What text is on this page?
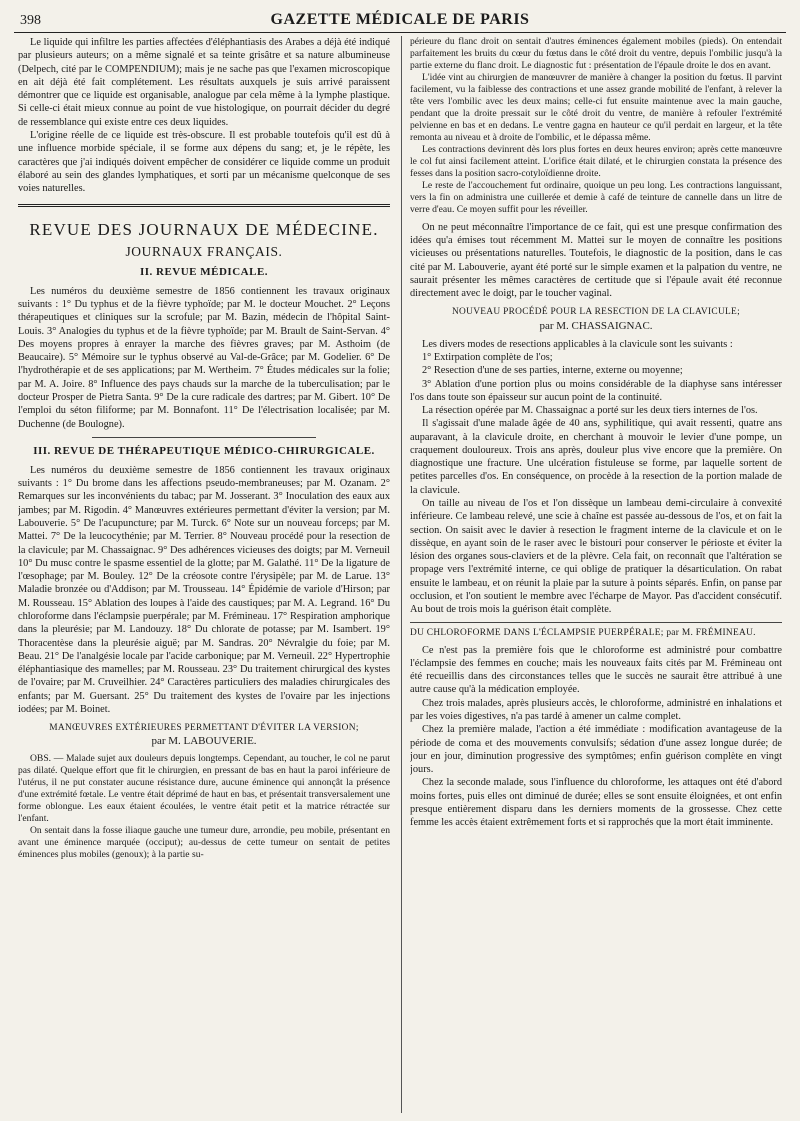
398	GAZETTE MÉDICALE DE PARIS

Le liquide qui infiltre les parties affectées d'éléphantiasis des Arabes a déjà été indiqué par plusieurs auteurs; on a même signalé et sa teinte grisâtre et sa nature albumineuse (Delpech, cité par le COMPENDIUM); mais je ne sache pas que l'examen microscopique en ait déjà été fait complétement. Les résultats auxquels je suis arrivé paraissent démontrer que ce liquide est organisable, analogue par cela même à la lymphe plastique. Si celle-ci était mieux connue au point de vue histologique, on pourrait décider du degré de ressemblance qui existe entre ces deux liquides.

L'origine réelle de ce liquide est très-obscure. Il est probable toutefois qu'il est dû à une influence morbide spéciale, il se forme aux dépens du sang; et, je le répète, les caractères que j'ai indiqués doivent empêcher de considérer ce liquide comme un produit élaboré au sein des glandes lymphatiques, et sorti par un mécanisme quelconque de ses voies naturelles.

REVUE DES JOURNAUX DE MÉDECINE.

JOURNAUX FRANÇAIS.

II. REVUE MÉDICALE.

Les numéros du deuxième semestre de 1856 contiennent les travaux originaux suivants : 1° Du typhus et de la fièvre typhoïde; par M. le docteur Mouchet. 2° Leçons thérapeutiques et cliniques sur la scrofule; par M. Bazin, médecin de l'hôpital Saint-Louis. 3° Analogies du typhus et de la fièvre typhoïde; par M. Brault de Saint-Servan. 4° Des moyens propres à enrayer la marche des fièvres graves; par M. Asthoim (de Beaucaire). 5° Mémoire sur le typhus observé au Val-de-Grâce; par M. Godelier. 6° De l'hydrothérapie et de ses applications; par M. Wertheim. 7° Études médicales sur la folie; par M. A. Joire. 8° Influence des pays chauds sur la marche de la tuberculisation; par le docteur Prosper de Pietra Santa. 9° De la cure radicale des dartres; par M. Gibert. 10° De l'emploi du séton filiforme; par M. Bonnafont. 11° De l'électrisation localisée; par M. Duchenne (de Boulogne).

III. REVUE DE THÉRAPEUTIQUE MÉDICO-CHIRURGICALE.

Les numéros du deuxième semestre de 1856 contiennent les travaux originaux suivants : 1° Du brome dans les affections pseudo-membraneuses; par M. Ozanam. 2° Remarques sur les inconvénients du tabac; par M. Josserant. 3° Inoculation des eaux aux jambes; par M. Rigodin. 4° Manœuvres extérieures permettant d'éviter la version; par M. Labouverie. 5° De l'acupuncture; par M. Turck. 6° Note sur un nouveau forceps; par M. Mattei. 7° De la leucocythénie; par M. Terrier. 8° Nouveau procédé pour la resection de la clavicule; par M. Chassaignac. 9° Des adhérences vicieuses des doigts; par M. Verneuil 10° Du musc contre le spasme essentiel de la glotte; par M. Galathé. 11° De la ligature de l'œsophage; par M. Bouley. 12° De la créosote contre l'érysipèle; par M. de Larue. 13° Maladie bronzée ou d'Addison; par M. Trousseau. 14° Épidémie de variole d'Hirson; par M. Rousseau. 15° Ablation des loupes à l'aide des caustiques; par M. A. Legrand. 16° Du chloroforme dans l'éclampsie puerpérale; par M. Frémineau. 17° Respiration amphorique dans la pleurésie; par M. Landouzy. 18° Du chlorate de potasse; par M. Isambert. 19° Thoracentèse dans la pleurésie aiguë; par M. Sandras. 20° Névralgie du foie; par M. Beau. 21° De l'analgésie locale par l'acide carbonique; par M. Verneuil. 22° Hypertrophie éléphantiasique des mamelles; par M. Rousseau. 23° Du traitement chirurgical des kystes de l'ovaire; par M. Cruveilhier. 24° Caractères particuliers des maladies chirurgicales des enfants; par M. Guersant. 25° Du traitement des kystes de l'ovaire par les injections iodées; par M. Boinet.

MANŒUVRES EXTÉRIEURES PERMETTANT D'ÉVITER LA VERSION;
par M. LABOUVERIE.

OBS. — Malade sujet aux douleurs depuis longtemps. Cependant, au toucher, le col ne parut pas dilaté. Quelque effort que fit le chirurgien, en pressant de bas en haut la paroi inférieure de l'utérus, il ne put constater aucune résistance dure, aucune éminence qui annonçât la présence d'une extrémité fœtale. Le ventre était déprimé de haut en bas, et présentait transversalement une forme oblongue. Les eaux étaient écoulées, le ventre était petit et la matrice rétractée sur l'enfant.

On sentait dans la fosse iliaque gauche une tumeur dure, arrondie, peu mobile, présentant en avant une éminence marquée (occiput); au-dessus de cette tumeur on sentait de petites éminences plus mobiles (genoux); à la partie su-

périeure du flanc droit on sentait d'autres éminences également mobiles (pieds). On entendait parfaitement les bruits du cœur du fœtus dans le côté droit du ventre, depuis l'ombilic jusqu'à la partie externe du flanc droit. Le diagnostic fut : présentation de l'épaule droite le dos en avant.

L'idée vint au chirurgien de manœuvrer de manière à changer la position du fœtus. Il parvint facilement, vu la faiblesse des contractions et une assez grande mobilité de l'enfant, à relever la tête vers l'ombilic avec les deux mains; celle-ci fut ensuite maintenue avec la main gauche, pendant que la droite pressait sur le côté droit du ventre, de manière à refouler l'extrémité pelvienne en bas et en dedans. Le ventre gagna en hauteur ce qu'il perdait en largeur, et la tête remonta au niveau et à droite de l'ombilic, et le dépassa même.

Les contractions devinrent dès lors plus fortes en deux heures environ; après cette manœuvre le col fut ainsi facilement atteint. L'orifice était dilaté, et le chirurgien constata la présence des fesses dans la position sacro-cotyloïdienne droite.

Le reste de l'accouchement fut ordinaire, quoique un peu long. Les contractions languissant, vers la fin on administra une cuillerée et demie à café de teinture de cannelle dans un litre de verre d'eau. Ce moyen suffit pour les réveiller.

On ne peut méconnaître l'importance de ce fait, qui est une presque confirmation des idées qu'a émises tout récemment M. Mattei sur le moyen de connaître les positions vicieuses ou présentations naturelles. Toutefois, le diagnostic de la position, dans le cas cité par M. Labouverie, ayant été porté sur le simple examen et la palpation du ventre, ne saurait présenter les mêmes caractères de certitude que si l'épaule avait été reconnue directement avec le doigt, par le toucher vaginal.

NOUVEAU PROCÉDÉ POUR LA RESECTION DE LA CLAVICULE;
par M. CHASSAIGNAC.

Les divers modes de resections applicables à la clavicule sont les suivants :

1° Extirpation complète de l'os;

2° Resection d'une de ses parties, interne, externe ou moyenne;

3° Ablation d'une portion plus ou moins considérable de la diaphyse sans intéresser l'os dans toute son épaisseur sur aucun point de la continuité.

La résection opérée par M. Chassaignac a porté sur les deux tiers internes de l'os.

Il s'agissait d'une malade âgée de 40 ans, syphilitique, qui avait ressenti, quatre ans auparavant, à la clavicule droite, en cherchant à mouvoir le levier d'une pompe, un craquement douloureux. Trois ans après, douleur plus vive encore que la première. On diagnostique une fracture. Une ulcération fistuleuse se forme, par laquelle sortent de petites parcelles d'os. En conséquence, on procède à la resection de la portion malade de la clavicule.

On taille au niveau de l'os et l'on dissèque un lambeau demi-circulaire à convexité inférieure. Ce lambeau relevé, une scie à chaîne est passée au-dessous de l'os, et on fait la section. On saisit avec le davier à resection le fragment interne de la clavicule et on le dissèque, en ayant soin de le raser avec le bistouri pour conserver le périoste et éviter la lésion des organes sous-claviers et de la plèvre. Cela fait, on reconnaît que l'altération se propage vers l'extrémité interne, ce qui oblige de pratiquer la désarticulation. On rabat ensuite le lambeau, et on réunit la plaie par la suture à points séparés. Enfin, on panse par occlusion, et l'on soutient le membre avec l'écharpe de Mayor. Pas d'accident consécutif. Au bout de trois mois la guérison était complète.

DU CHLOROFORME DANS L'ÉCLAMPSIE PUERPÉRALE; par M. FRÉMINEAU.

Ce n'est pas la première fois que le chloroforme est administré pour combattre l'éclampsie des femmes en couche; mais les nouveaux faits cités par M. Frémineau ont été recueillis dans des circonstances telles que le succès ne saurait être attribué à une autre cause qu'à la médication employée.

Chez trois malades, après plusieurs accès, le chloroforme, administré en inhalations et par les voies digestives, n'a pas tardé à amener un calme complet.

Chez la première malade, l'action a été immédiate : modification avantageuse de la période de coma et des mouvements convulsifs; sédation d'une assez longue durée; de jour en jour, diminution progressive des symptômes; enfin guérison complète en vingt jours.

Chez la seconde malade, sous l'influence du chloroforme, les attaques ont été d'abord moins fortes, puis elles ont diminué de durée; elles se sont ensuite éloignées, et ont enfin presque entièrement disparu dans les derniers moments de la grossesse. Chez cette femme les accès étaient extrêmement forts et si rapprochés que la mort était imminente.
